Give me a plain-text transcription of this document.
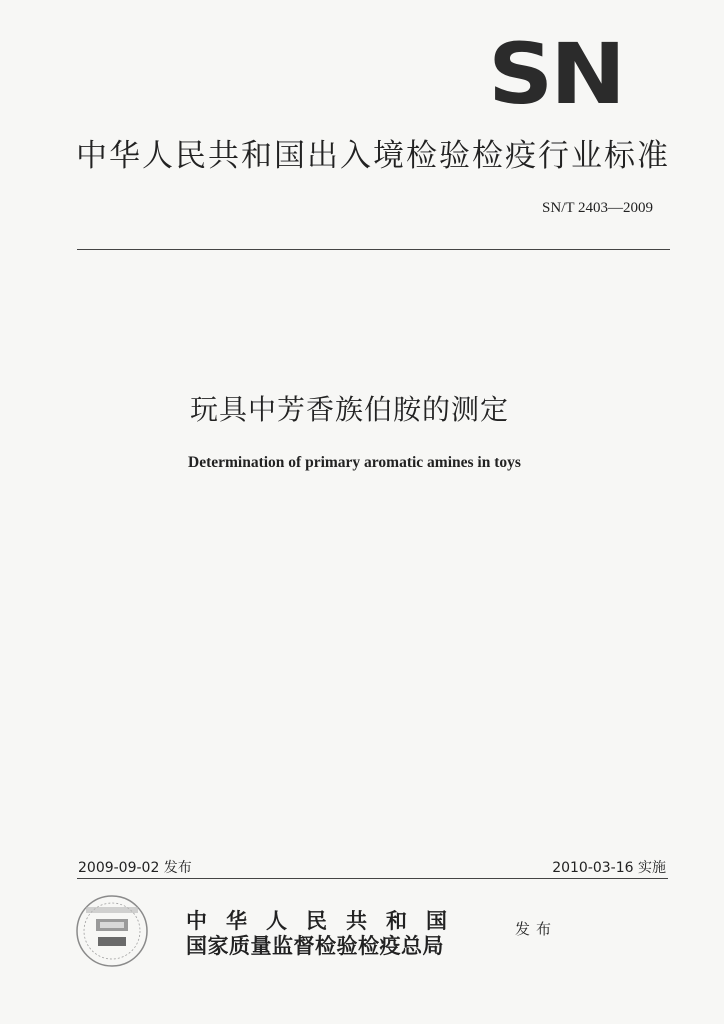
SN
中华人民共和国出入境检验检疫行业标准
SN/T 2403—2009
玩具中芳香族伯胺的测定
Determination of primary aromatic amines in toys
2009-09-02 发布	2010-03-16 实施
中华人民共和国
国家质量监督检验检疫总局
发布
